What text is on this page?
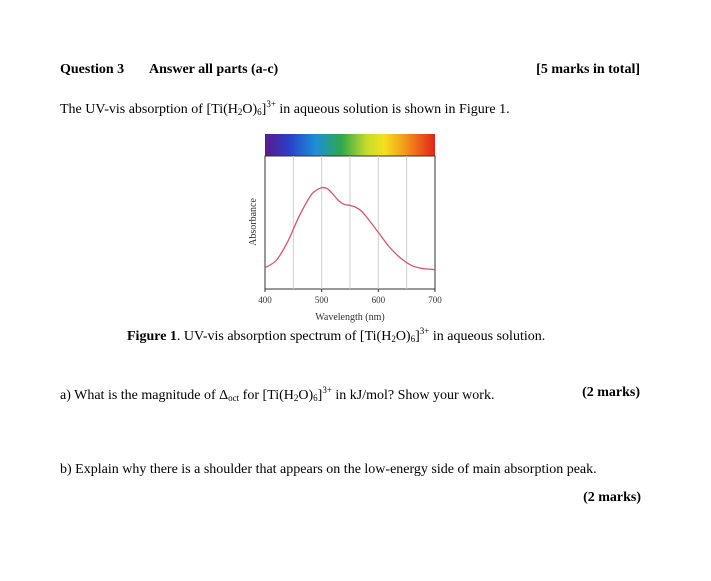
Question 3 Answer all parts (a-c)	[5 marks in total]
The UV-vis absorption of $[Ti(H_2O)_6]^{3+}$ in aqueous solution is shown in Figure 1.
400	500	600	700
Wavelength (nm)
Absorbance
Figure 1. UV-vis absorption spectrum of $[Ti(H_2O)_6]^{3+}$ in aqueous solution.
a) What is the magnitude of $\Delta_{oct}$ for $[Ti(H_2O)_6]^{3+}$ in kJ/mol? Show your work.	(2 marks)
b) Explain why there is a shoulder that appears on the low-energy side of main absorption peak.
(2 marks)
